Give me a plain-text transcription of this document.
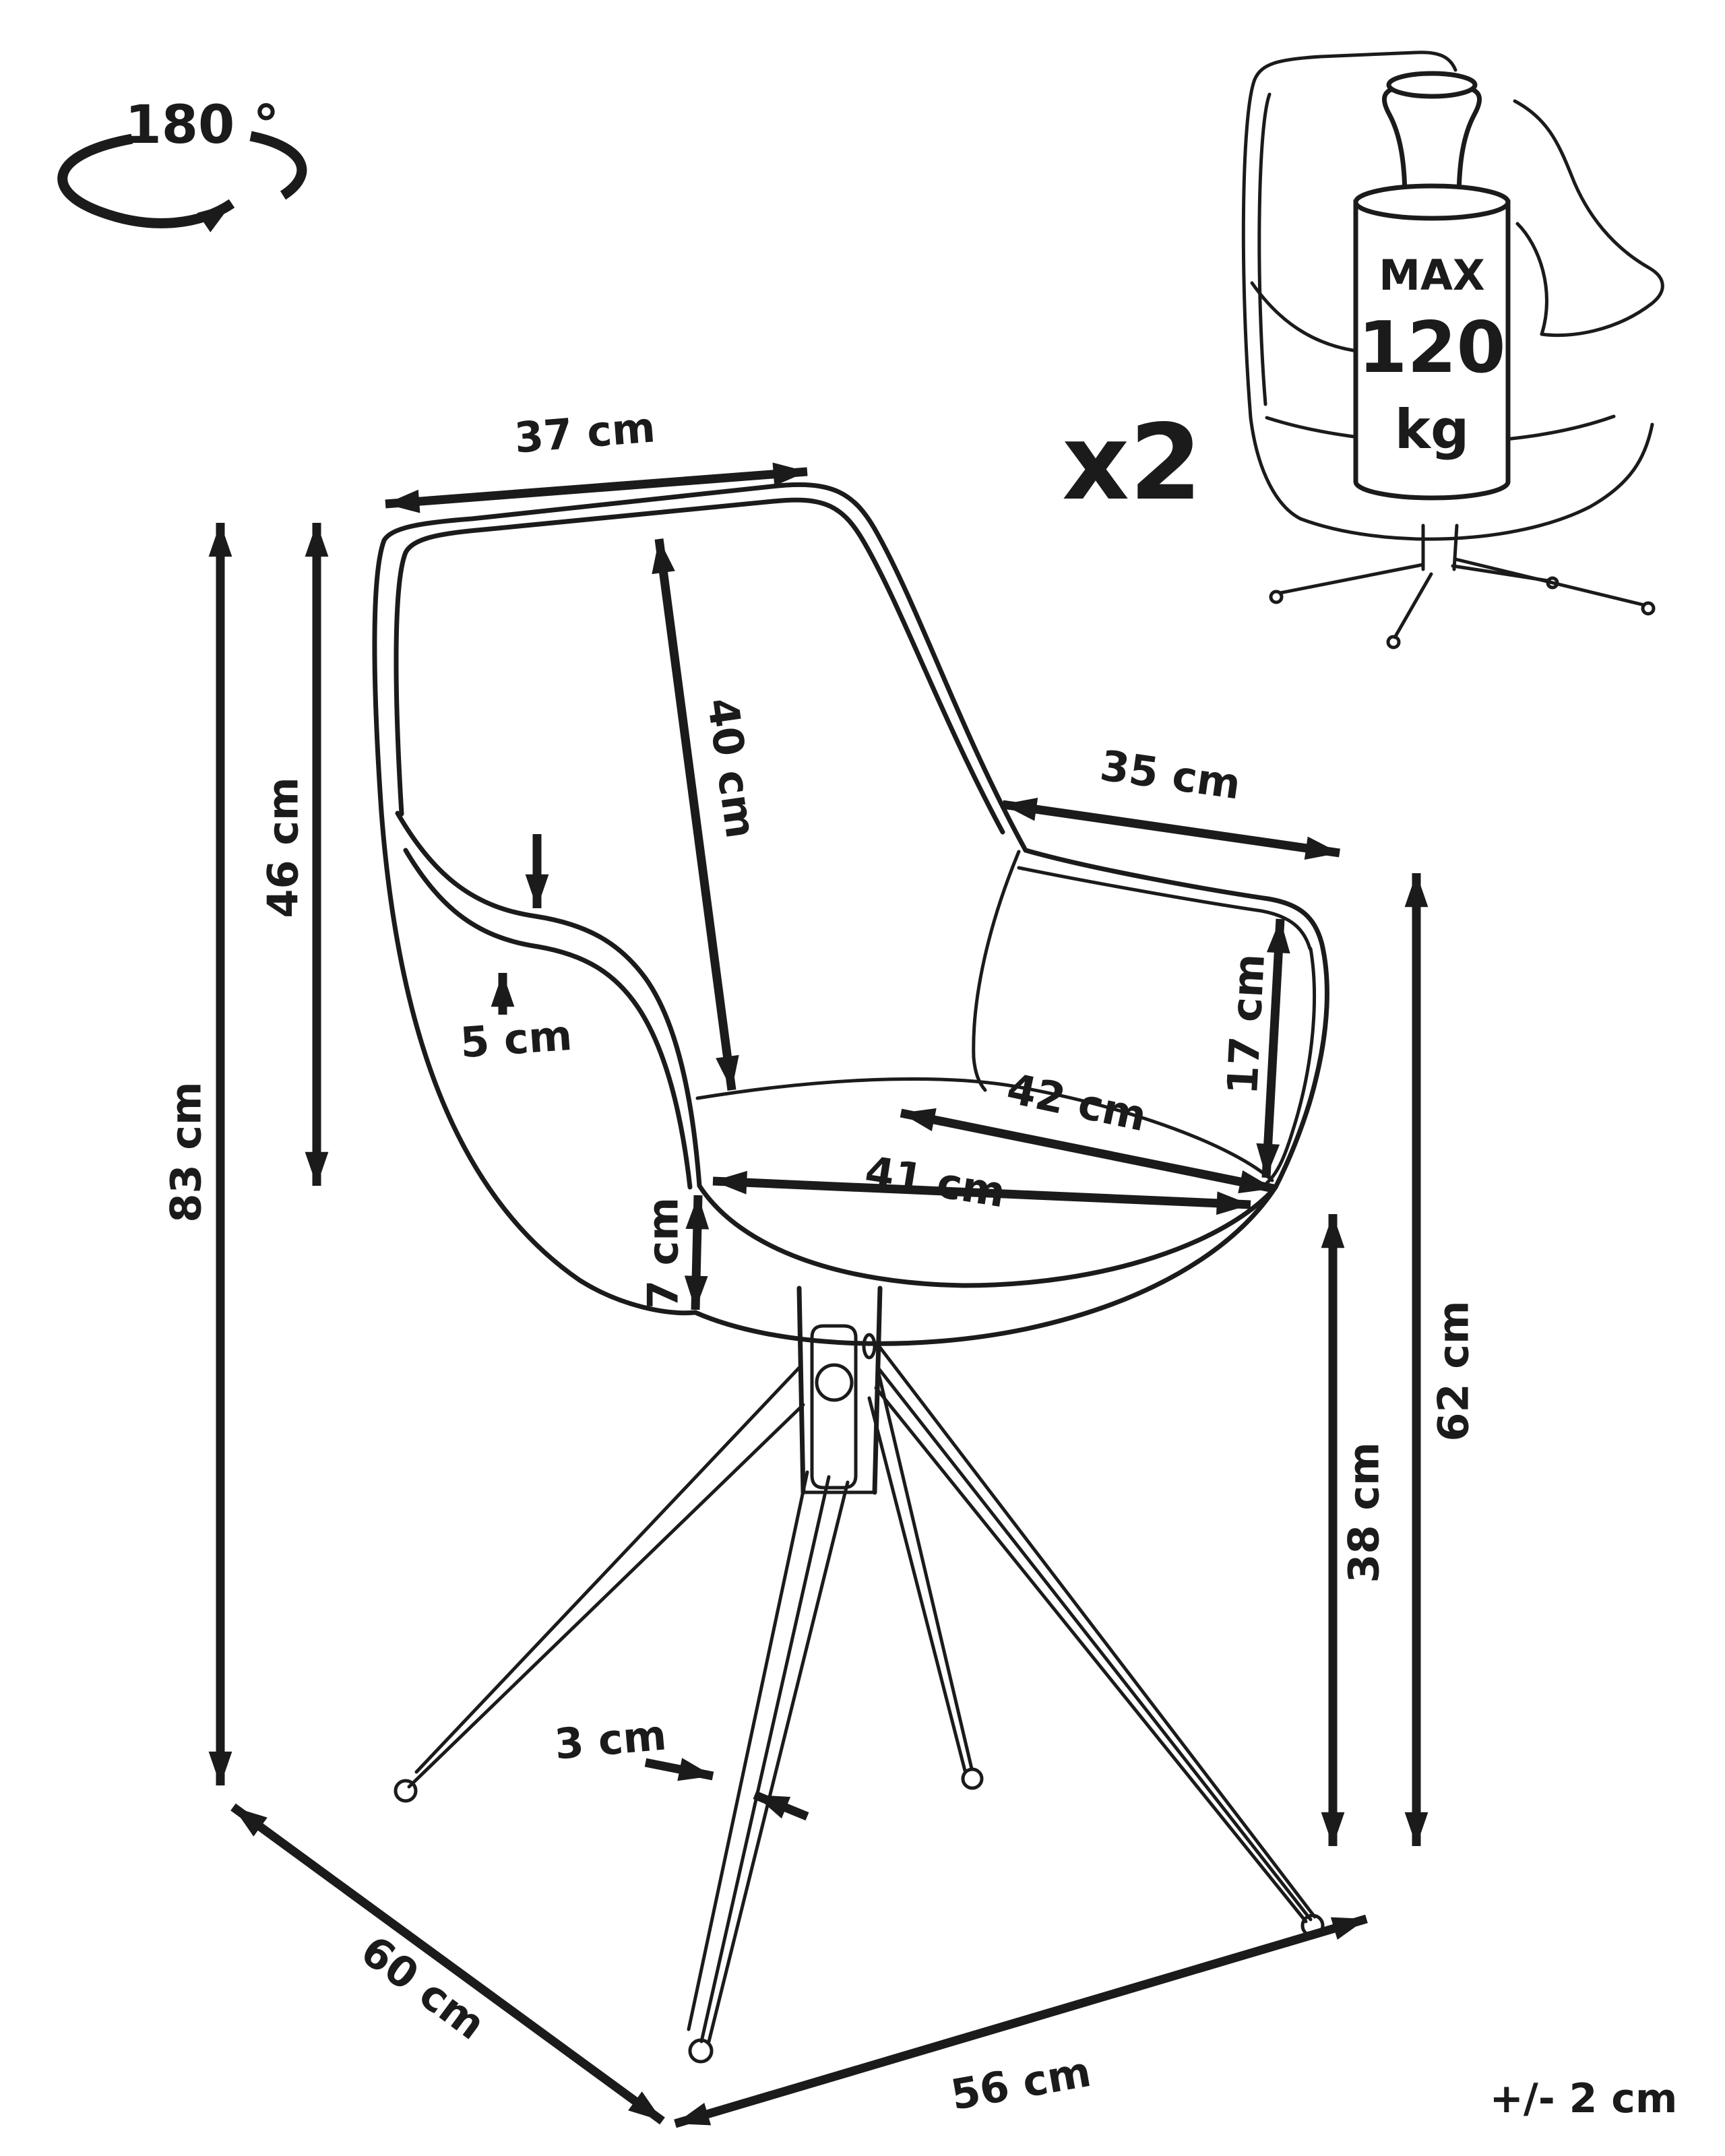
180 °
x2
+/- 2 cm
MAX
120
kg
37 cm
40 cm	35 cm
46 cm
83 cm
5 cm
42 cm
41 cm
17 cm
7 cm
62 cm
38 cm
3 cm
60 cm
56 cm
